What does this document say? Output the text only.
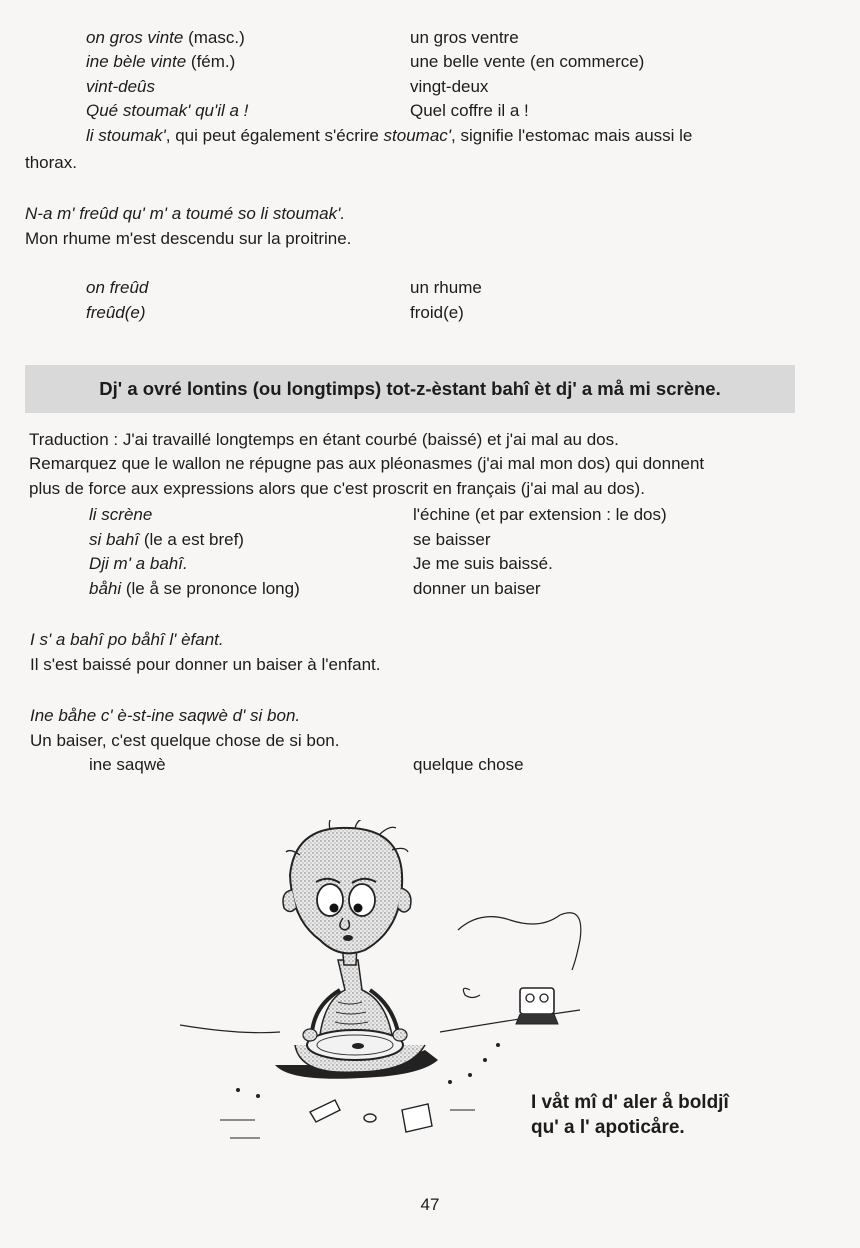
on gros vinte (masc.)	un gros ventre
ine bèle vinte (fém.)	une belle vente (en commerce)
vint-deûs	vingt-deux
Qué stoumak' qu'il a !	Quel coffre il a !
li stoumak', qui peut également s'écrire stoumac', signifie l'estomac mais aussi le
thorax.
N-a m' freûd qu' m' a toumé so li stoumak'.
Mon rhume m'est descendu sur la proitrine.
on freûd	un rhume
freûd(e)	froid(e)
Dj' a ovré lontins (ou longtimps) tot-z-èstant bahî èt dj' a må mi scrène.
Traduction : J'ai travaillé longtemps en étant courbé (baissé) et j'ai mal au dos.
Remarquez que le wallon ne répugne pas aux pléonasmes (j'ai mal mon dos) qui donnent
plus de force aux expressions alors que c'est proscrit en français (j'ai mal au dos).
li scrène	l'échine (et par extension : le dos)
si bahî (le a est bref)	se baisser
Dji m' a bahî.	Je me suis baissé.
båhi (le å se prononce long)	donner un baiser
I s' a bahî po båhî l' èfant.
Il s'est baissé pour donner un baiser à l'enfant.
Ine båhe c' è-st-ine saqwè d' si bon.
Un baiser, c'est quelque chose de si bon.
ine saqwè	quelque chose
I våt mî d' aler å boldjî
qu' a l' apoticåre.
47
